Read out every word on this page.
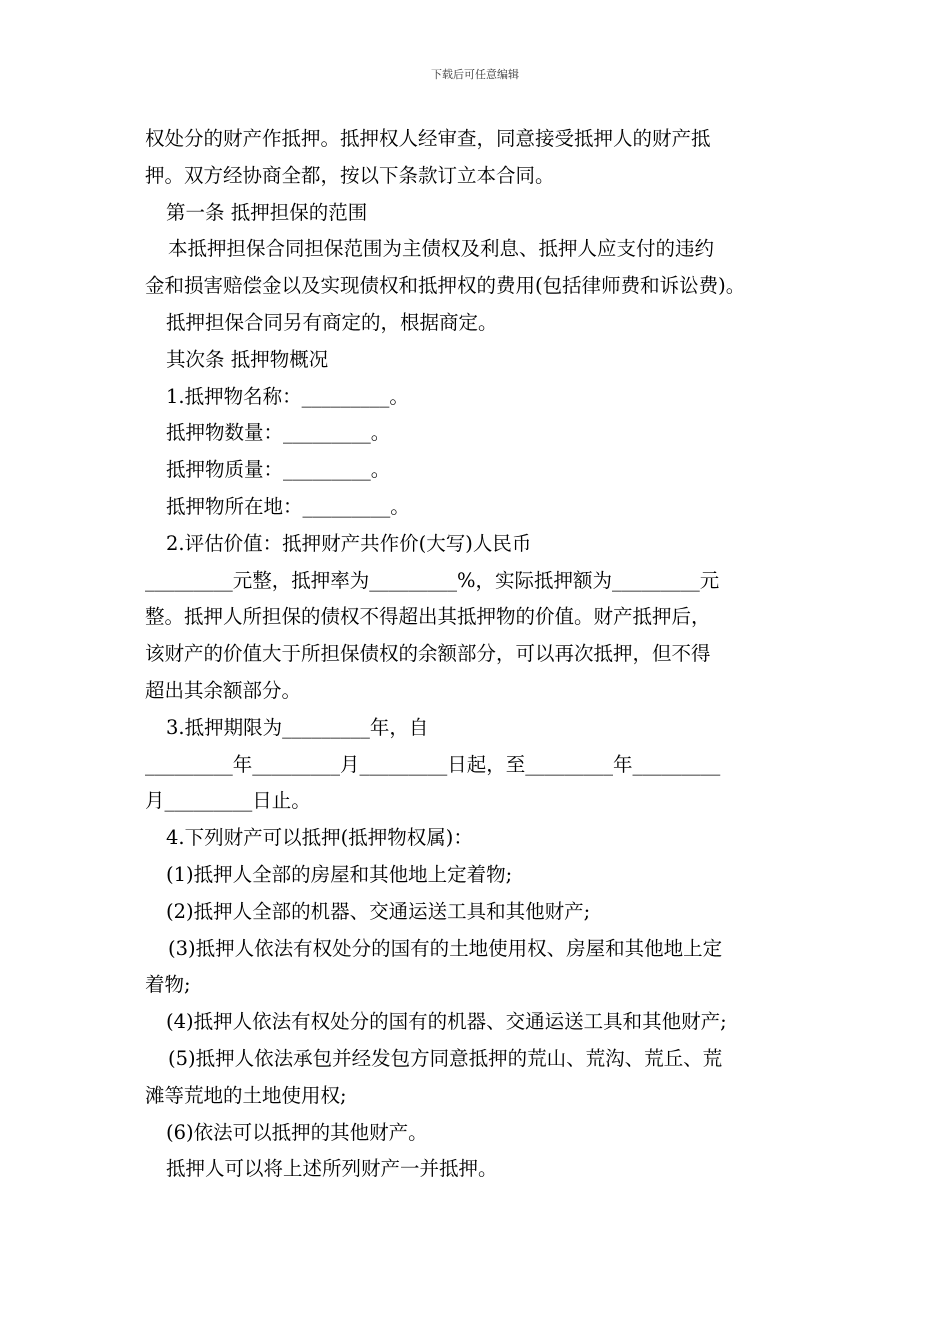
下载后可任意编辑
权处分的财产作抵押。抵押权人经审查，同意接受抵押人的财产抵
押。双方经协商全都，按以下条款订立本合同。
第一条 抵押担保的范围
本抵押担保合同担保范围为主债权及利息、抵押人应支付的违约
金和损害赔偿金以及实现债权和抵押权的费用(包括律师费和诉讼费)。
抵押担保合同另有商定的，根据商定。
其次条 抵押物概况
1.抵押物名称：_________。
抵押物数量：_________。
抵押物质量：_________。
抵押物所在地：_________。
2.评估价值：抵押财产共作价(大写)人民币
_________元整，抵押率为_________%，实际抵押额为_________元
整。抵押人所担保的债权不得超出其抵押物的价值。财产抵押后，
该财产的价值大于所担保债权的余额部分，可以再次抵押，但不得
超出其余额部分。
3.抵押期限为_________年，自
_________年_________月_________日起，至_________年_________
月_________日止。
4.下列财产可以抵押(抵押物权属)：
(1)抵押人全部的房屋和其他地上定着物;
(2)抵押人全部的机器、交通运送工具和其他财产;
(3)抵押人依法有权处分的国有的土地使用权、房屋和其他地上定
着物;
(4)抵押人依法有权处分的国有的机器、交通运送工具和其他财产;
(5)抵押人依法承包并经发包方同意抵押的荒山、荒沟、荒丘、荒
滩等荒地的土地使用权;
(6)依法可以抵押的其他财产。
抵押人可以将上述所列财产一并抵押。
